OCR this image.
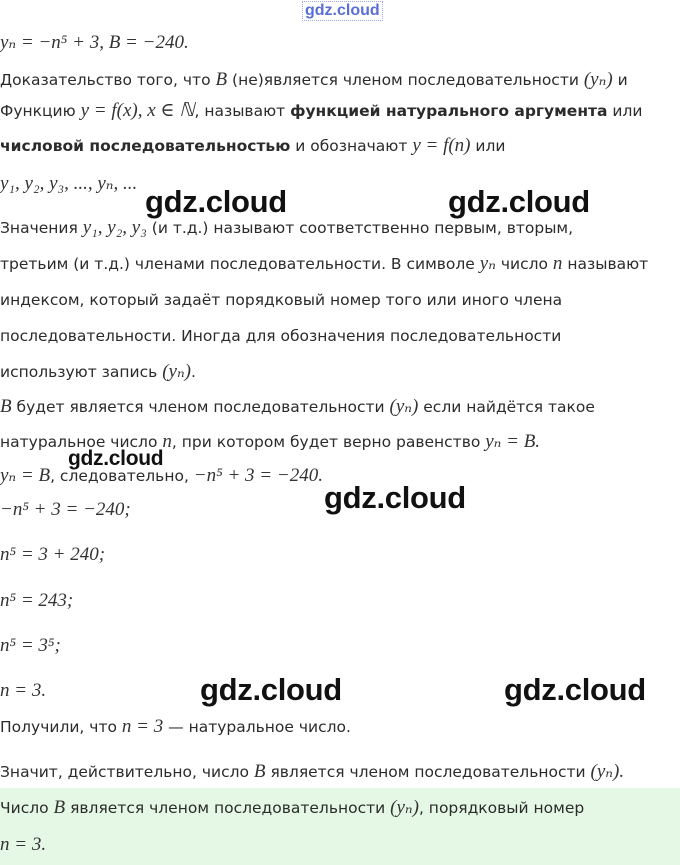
gdz.cloud
yₙ = −n⁵ + 3, B = −240.
Доказательство того, что B (не)является членом последовательности (yₙ) и
Функцию y = f(x), x ∈ ℕ, называют функцией натурального аргумента или
числовой последовательностью и обозначают y = f(n) или
y₁, y₂, y₃, ..., yₙ, ...
gdz.cloud	gdz.cloud
Значения y₁, y₂, y₃ (и т.д.) называют соответственно первым, вторым,
третьим (и т.д.) членами последовательности. В символе yₙ число n называют
индексом, который задаёт порядковый номер того или иного члена
последовательности. Иногда для обозначения последовательности
используют запись (yₙ).
B будет является членом последовательности (yₙ) если найдётся такое
натуральное число n, при котором будет верно равенство yₙ = B.
gdz.cloud
yₙ = B, следовательно, −n⁵ + 3 = −240.
gdz.cloud
−n⁵ + 3 = −240;
n⁵ = 3 + 240;
n⁵ = 243;
n⁵ = 3⁵;
n = 3.	gdz.cloud	gdz.cloud
Получили, что n = 3 — натуральное число.
Значит, действительно, число B является членом последовательности (yₙ).
Число B является членом последовательности (yₙ), порядковый номер
n = 3.
